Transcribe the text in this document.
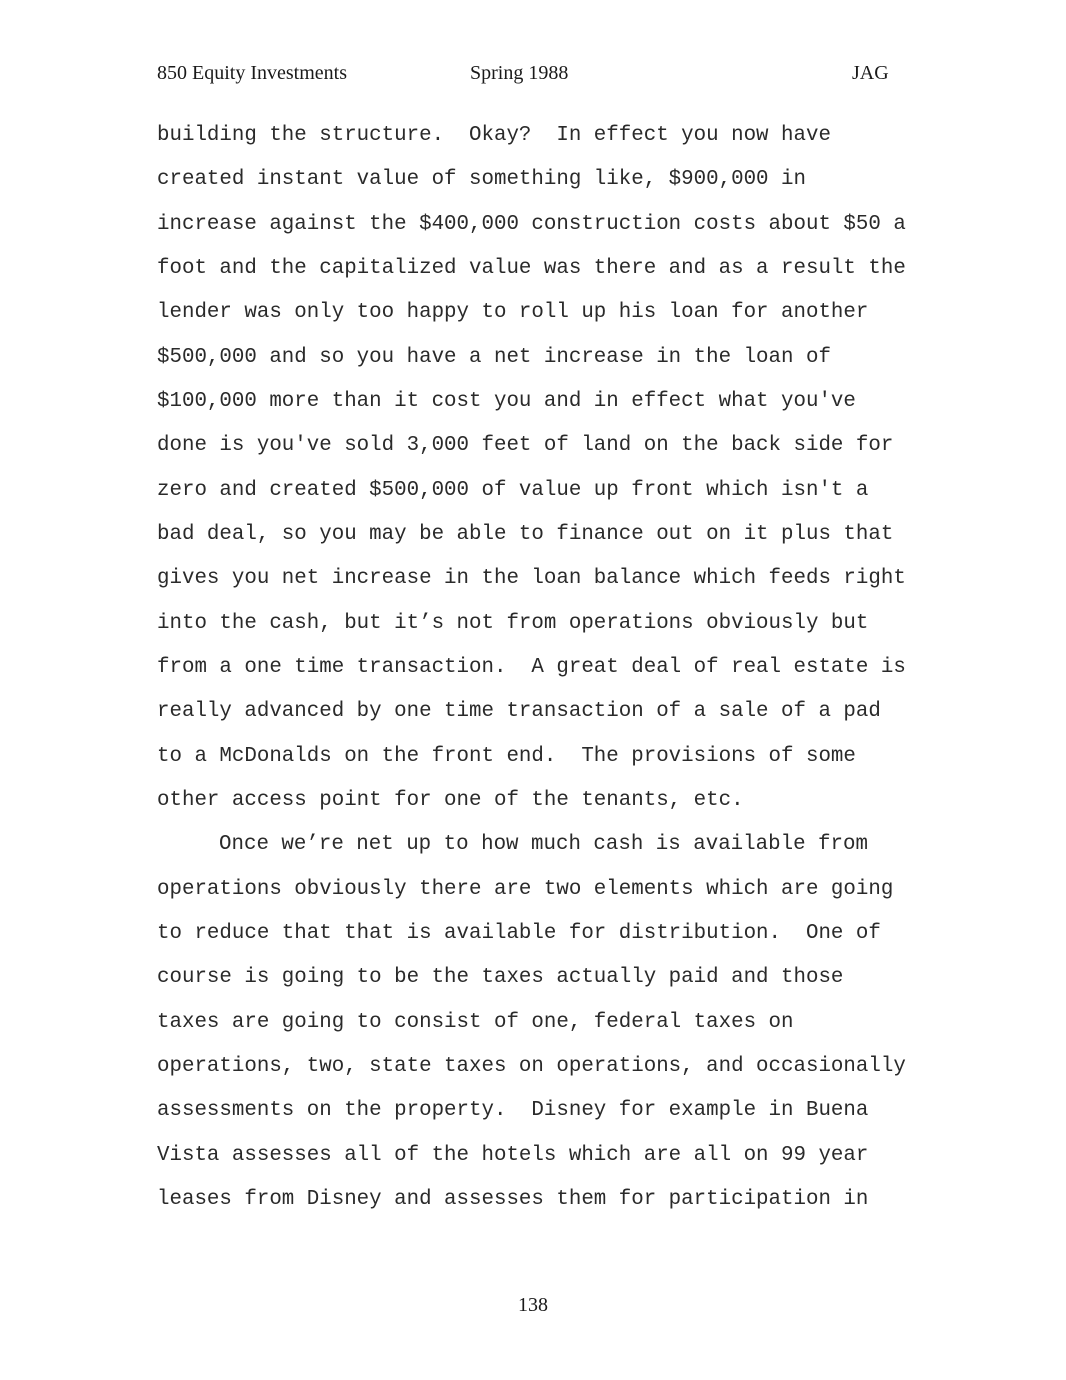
850 Equity Investments	Spring 1988	JAG
building the structure.  Okay?  In effect you now have
created instant value of something like, $900,000 in
increase against the $400,000 construction costs about $50 a
foot and the capitalized value was there and as a result the
lender was only too happy to roll up his loan for another
$500,000 and so you have a net increase in the loan of
$100,000 more than it cost you and in effect what you've
done is you've sold 3,000 feet of land on the back side for
zero and created $500,000 of value up front which isn't a
bad deal, so you may be able to finance out on it plus that
gives you net increase in the loan balance which feeds right
into the cash, but it’s not from operations obviously but
from a one time transaction.  A great deal of real estate is
really advanced by one time transaction of a sale of a pad
to a McDonalds on the front end.  The provisions of some
other access point for one of the tenants, etc.
Once we’re net up to how much cash is available from
operations obviously there are two elements which are going
to reduce that that is available for distribution.  One of
course is going to be the taxes actually paid and those
taxes are going to consist of one, federal taxes on
operations, two, state taxes on operations, and occasionally
assessments on the property.  Disney for example in Buena
Vista assesses all of the hotels which are all on 99 year
leases from Disney and assesses them for participation in
138
